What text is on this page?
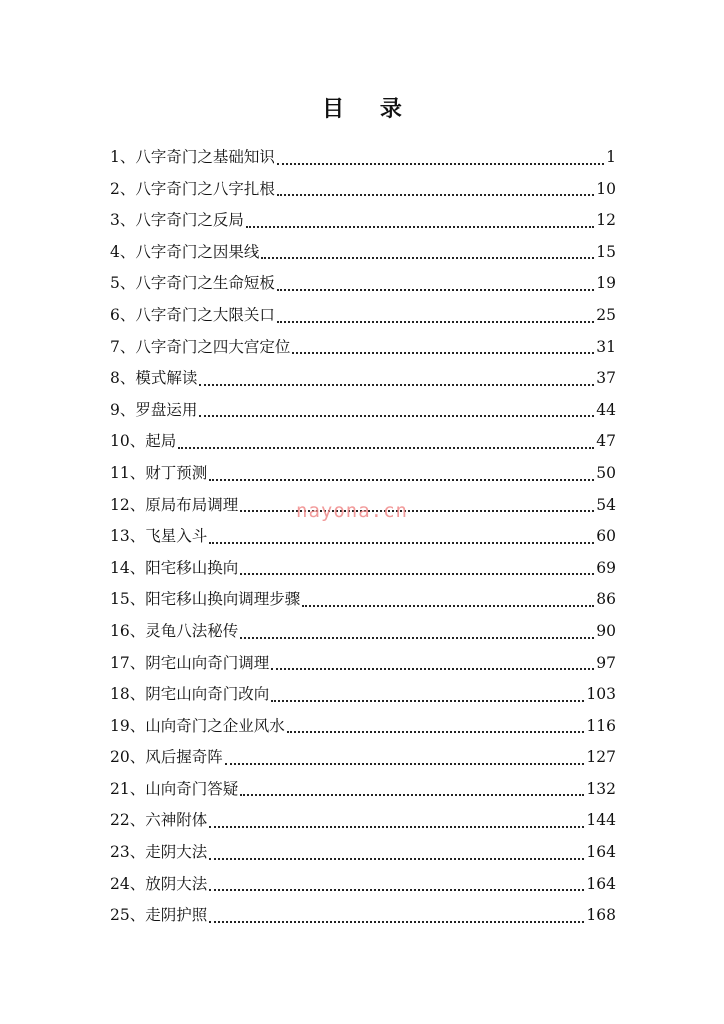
目 录
1、八字奇门之基础知识	1
2、八字奇门之八字扎根	10
3、八字奇门之反局	12
4、八字奇门之因果线	15
5、八字奇门之生命短板	19
6、八字奇门之大限关口	25
7、八字奇门之四大宫定位	31
8、模式解读	37
9、罗盘运用	44
10、起局	47
11、财丁预测	50
12、原局布局调理	54
13、飞星入斗	60
14、阳宅移山换向	69
15、阳宅移山换向调理步骤	86
16、灵龟八法秘传	90
17、阴宅山向奇门调理	97
18、阴宅山向奇门改向	103
19、山向奇门之企业风水	116
20、风后握奇阵	127
21、山向奇门答疑	132
22、六神附体	144
23、走阴大法	164
24、放阴大法	164
25、走阴护照	168
nayona.cn
